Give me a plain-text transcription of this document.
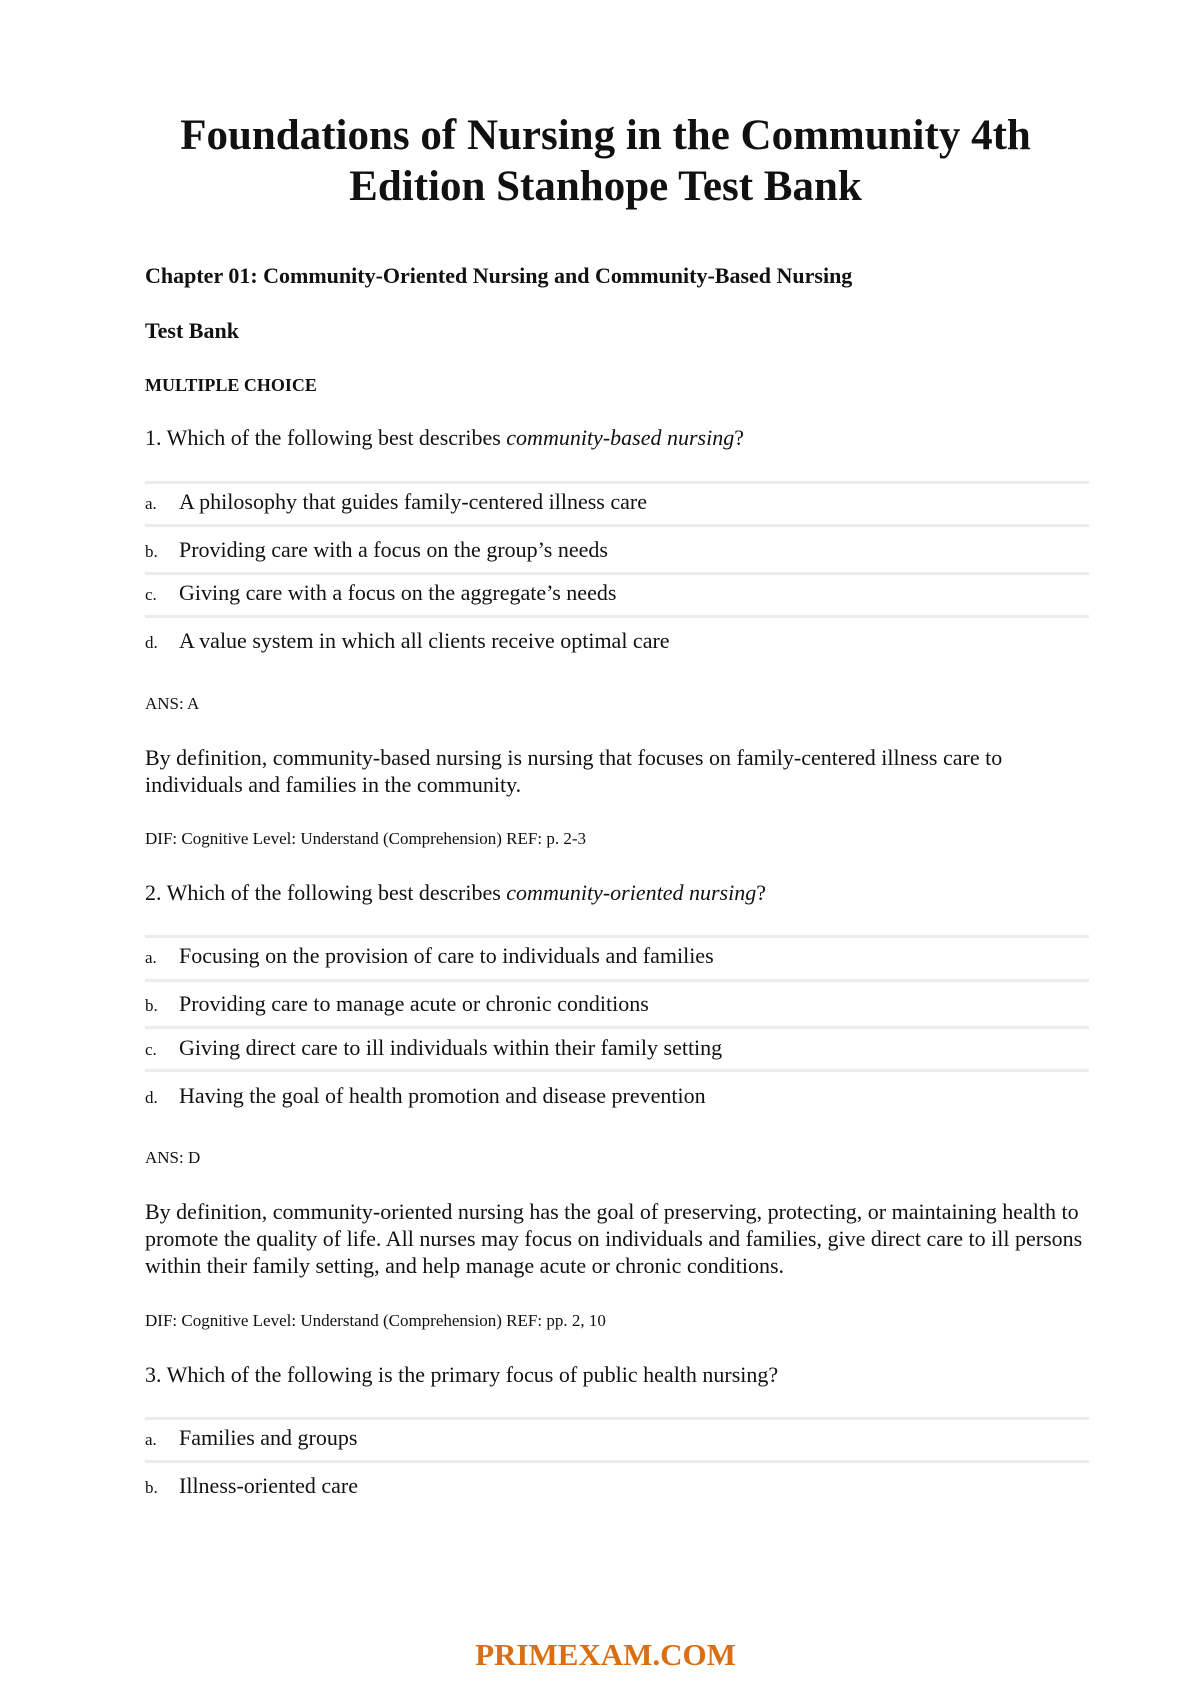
Foundations of Nursing in the Community 4th
Edition Stanhope Test Bank
Chapter 01: Community-Oriented Nursing and Community-Based Nursing
Test Bank
MULTIPLE CHOICE
1. Which of the following best describes community-based nursing?
a. A philosophy that guides family-centered illness care
b. Providing care with a focus on the group’s needs
c. Giving care with a focus on the aggregate’s needs
d. A value system in which all clients receive optimal care
ANS: A
By definition, community-based nursing is nursing that focuses on family-centered illness care to individuals and families in the community.
DIF: Cognitive Level: Understand (Comprehension) REF: p. 2-3
2. Which of the following best describes community-oriented nursing?
a. Focusing on the provision of care to individuals and families
b. Providing care to manage acute or chronic conditions
c. Giving direct care to ill individuals within their family setting
d. Having the goal of health promotion and disease prevention
ANS: D
By definition, community-oriented nursing has the goal of preserving, protecting, or maintaining health to promote the quality of life. All nurses may focus on individuals and families, give direct care to ill persons within their family setting, and help manage acute or chronic conditions.
DIF: Cognitive Level: Understand (Comprehension) REF: pp. 2, 10
3. Which of the following is the primary focus of public health nursing?
a. Families and groups
b. Illness-oriented care
PRIMEXAM.COM
